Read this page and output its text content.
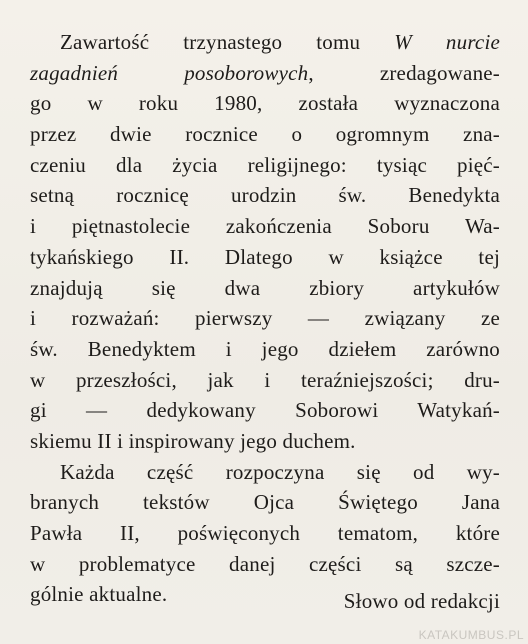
Zawartość trzynastego tomu W nurcie
zagadnień posoborowych, zredagowane-
go w roku 1980, została wyznaczona
przez dwie rocznice o ogromnym zna-
czeniu dla życia religijnego: tysiąc pięć-
setną rocznicę urodzin św. Benedykta
i piętnastolecie zakończenia Soboru Wa-
tykańskiego II. Dlatego w książce tej
znajdują się dwa zbiory artykułów
i rozważań: pierwszy — związany ze
św. Benedyktem i jego dziełem zarówno
w przeszłości, jak i teraźniejszości; dru-
gi — dedykowany Soborowi Watykań-
skiemu II i inspirowany jego duchem.
Każda część rozpoczyna się od wy-
branych tekstów Ojca Świętego Jana
Pawła II, poświęconych tematom, które
w problematyce danej części są szcze-
gólnie aktualne.	Słowo od redakcji
KATAKUMBUS.PL
